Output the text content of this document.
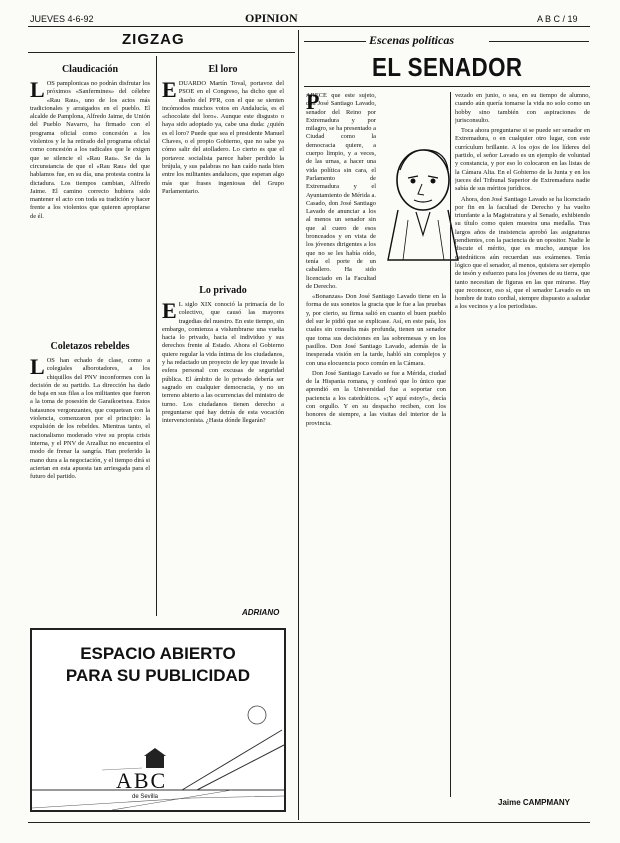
JUEVES 4-6-92	OPINION	A B C / 19
ZIGZAG
Claudicación
LOS pamplonicas no podrán disfrutar los próximos «Sanfermines» del célebre «Rau Rau», uno de los actos más tradicionales y arraigados en el pueblo. El alcalde de Pamplona, Alfredo Jaime, de Unión del Pueblo Navarro, ha firmado con el programa oficial como concesión a los violentos y le ha retirado del programa oficial como concesión a los radicales que le exigen que se silencie el «Rau Rau». Se da la circunstancia de que el «Rau Rau» del que hablamos fue, en su día, una protesta contra la dictadura. Los tiempos cambian, Alfredo Jaime. El camino correcto hubiera sido mantener el acto con toda su tradición y hacer frente a los violentos que quieren apropiarse de él.
Coletazos rebeldes
LOS han echado de clase, como a colegiales alborotadores, a los chiquillos del PNV inconformes con la decisión de su partido. La dirección ha dado de baja en sus filas a los militantes que fueron a la toma de posesión de Garaikoetxea. Estos batasunos vergonzantes, que coquetean con la violencia, comenzaron por el principio: la expulsión de los rebeldes. Mientras tanto, el nacionalismo moderado vive su propia crisis interna, y el PNV de Arzalluz no encuentra el modo de frenar la sangría. Han preferido la mano dura a la negociación, y el tiempo dirá si aciertan en esta apuesta tan arriesgada para el futuro del partido.
El loro
EDUARDO Martín Toval, portavoz del PSOE en el Congreso, ha dicho que el diseño del PFR, con el que se sienten incómodos muchos votos en Andalucía, es el «chocolate del loro». Aunque este disgusto o haya sido adoptado ya, cabe una duda: ¿quién es el loro? Puede que sea el presidente Manuel Chaves, o el propio Gobierno, que no sabe ya cómo salir del atolladero. Lo cierto es que el portavoz socialista parece haber perdido la brújula, y sus palabras no han caído nada bien entre los militantes andaluces, que esperan algo más que frases ingeniosas del Grupo Parlamentario.
Lo privado
E L siglo XIX conoció la primacía de lo colectivo, que causó las mayores tragedias del nuestro. En este tiempo, sin embargo, comienza a vislumbrarse una vuelta hacia lo privado, hacia el individuo y sus derechos frente al Estado. Ahora el Gobierno quiere regular la vida íntima de los ciudadanos, y ha redactado un proyecto de ley que invade la esfera personal con excusas de seguridad pública. El ámbito de lo privado debería ser sagrado en cualquier democracia, y no un terreno abierto a las ocurrencias del ministro de turno. Los ciudadanos tienen derecho a preguntarse qué hay detrás de esta vocación intervencionista. ¿Hasta dónde llegarán?
ADRIANO
ESPACIO ABIERTO
PARA SU PUBLICIDAD
ABC
de Sevilla
Escenas políticas
EL SENADOR
P

ARECE que este sujeto, don José Santiago Lavado, senador del Reino por Extremadura y por milagro, se ha presentado a Ciudad como la democracia quiere, a cuerpo limpio, y a veces, de las urnas, a hacer una vida política sin cara, el Parlamento de Extremadura y el Ayuntamiento de Mérida a. Casado, don José Santiago Lavado de anunciar a los al menos un senador sin que al cuero de esos bronceados y en vista de los jóvenes dirigentes a los que no se les había oído, tenía el porte de un caballero. Ha sido licenciado en la Facultad de Derecho.

«Bonanzas» Don José Santiago Lavado tiene en la forma de sus sonetos la gracia que le fue a las pruebas y, por cierto, su firma salió en cuanto el buen pueblo del sur le pidió que se explicase. Así, en este país, los cuales sin consulta más profunda, tienen un senador que toma sus decisiones en las sobremesas y en los pasillos. Don José Santiago Lavado, además de la inesperada visión en la tarde, habló sin complejos y con una elocuencia poco común en la Cámara.

Don José Santiago Lavado se fue a Mérida, ciudad de la Hispania romana, y confesó que lo único que aprendió en la Universidad fue a soportar con paciencia a los catedráticos. «¡Y aquí estoy!», decía con orgullo. Y en su despacho reciben, con los honores de siempre, a las visitas del interior de la provincia.

vezado en junio, o sea, en su tiempo de alumno, cuando aún quería tomarse la vida no solo como un hobby sino también con aspiraciones de jurisconsulto.

Toca ahora preguntarse si se puede ser senador en Extremadura, o en cualquier otro lugar, con este currículum brillante. A los ojos de los líderes del partido, el señor Lavado es un ejemplo de voluntad y constancia, y por eso lo colocaron en las listas de la Cámara Alta. En el Gobierno de la Junta y en los jueces del Tribunal Superior de Extremadura nadie sabía de sus méritos jurídicos.

Ahora, don José Santiago Lavado se ha licenciado por fin en la facultad de Derecho y ha vuelto triunfante a la Magistratura y al Senado, exhibiendo su título como quien muestra una medalla. Tras largos años de insistencia aprobó las asignaturas pendientes, con la paciencia de un opositor. Nadie le discute el mérito, que es mucho, aunque los catedráticos aún recuerdan sus exámenes. Tenía lógico que el senador, al menos, quisiera ser ejemplo de tesón y esfuerzo para los jóvenes de su tierra, que tanto necesitan de figuras en las que mirarse. Hay que reconocer, eso sí, que el senador Lavado es un hombre de trato cordial, siempre dispuesto a saludar a los vecinos y a los periodistas.

Jaime CAMPMANY
